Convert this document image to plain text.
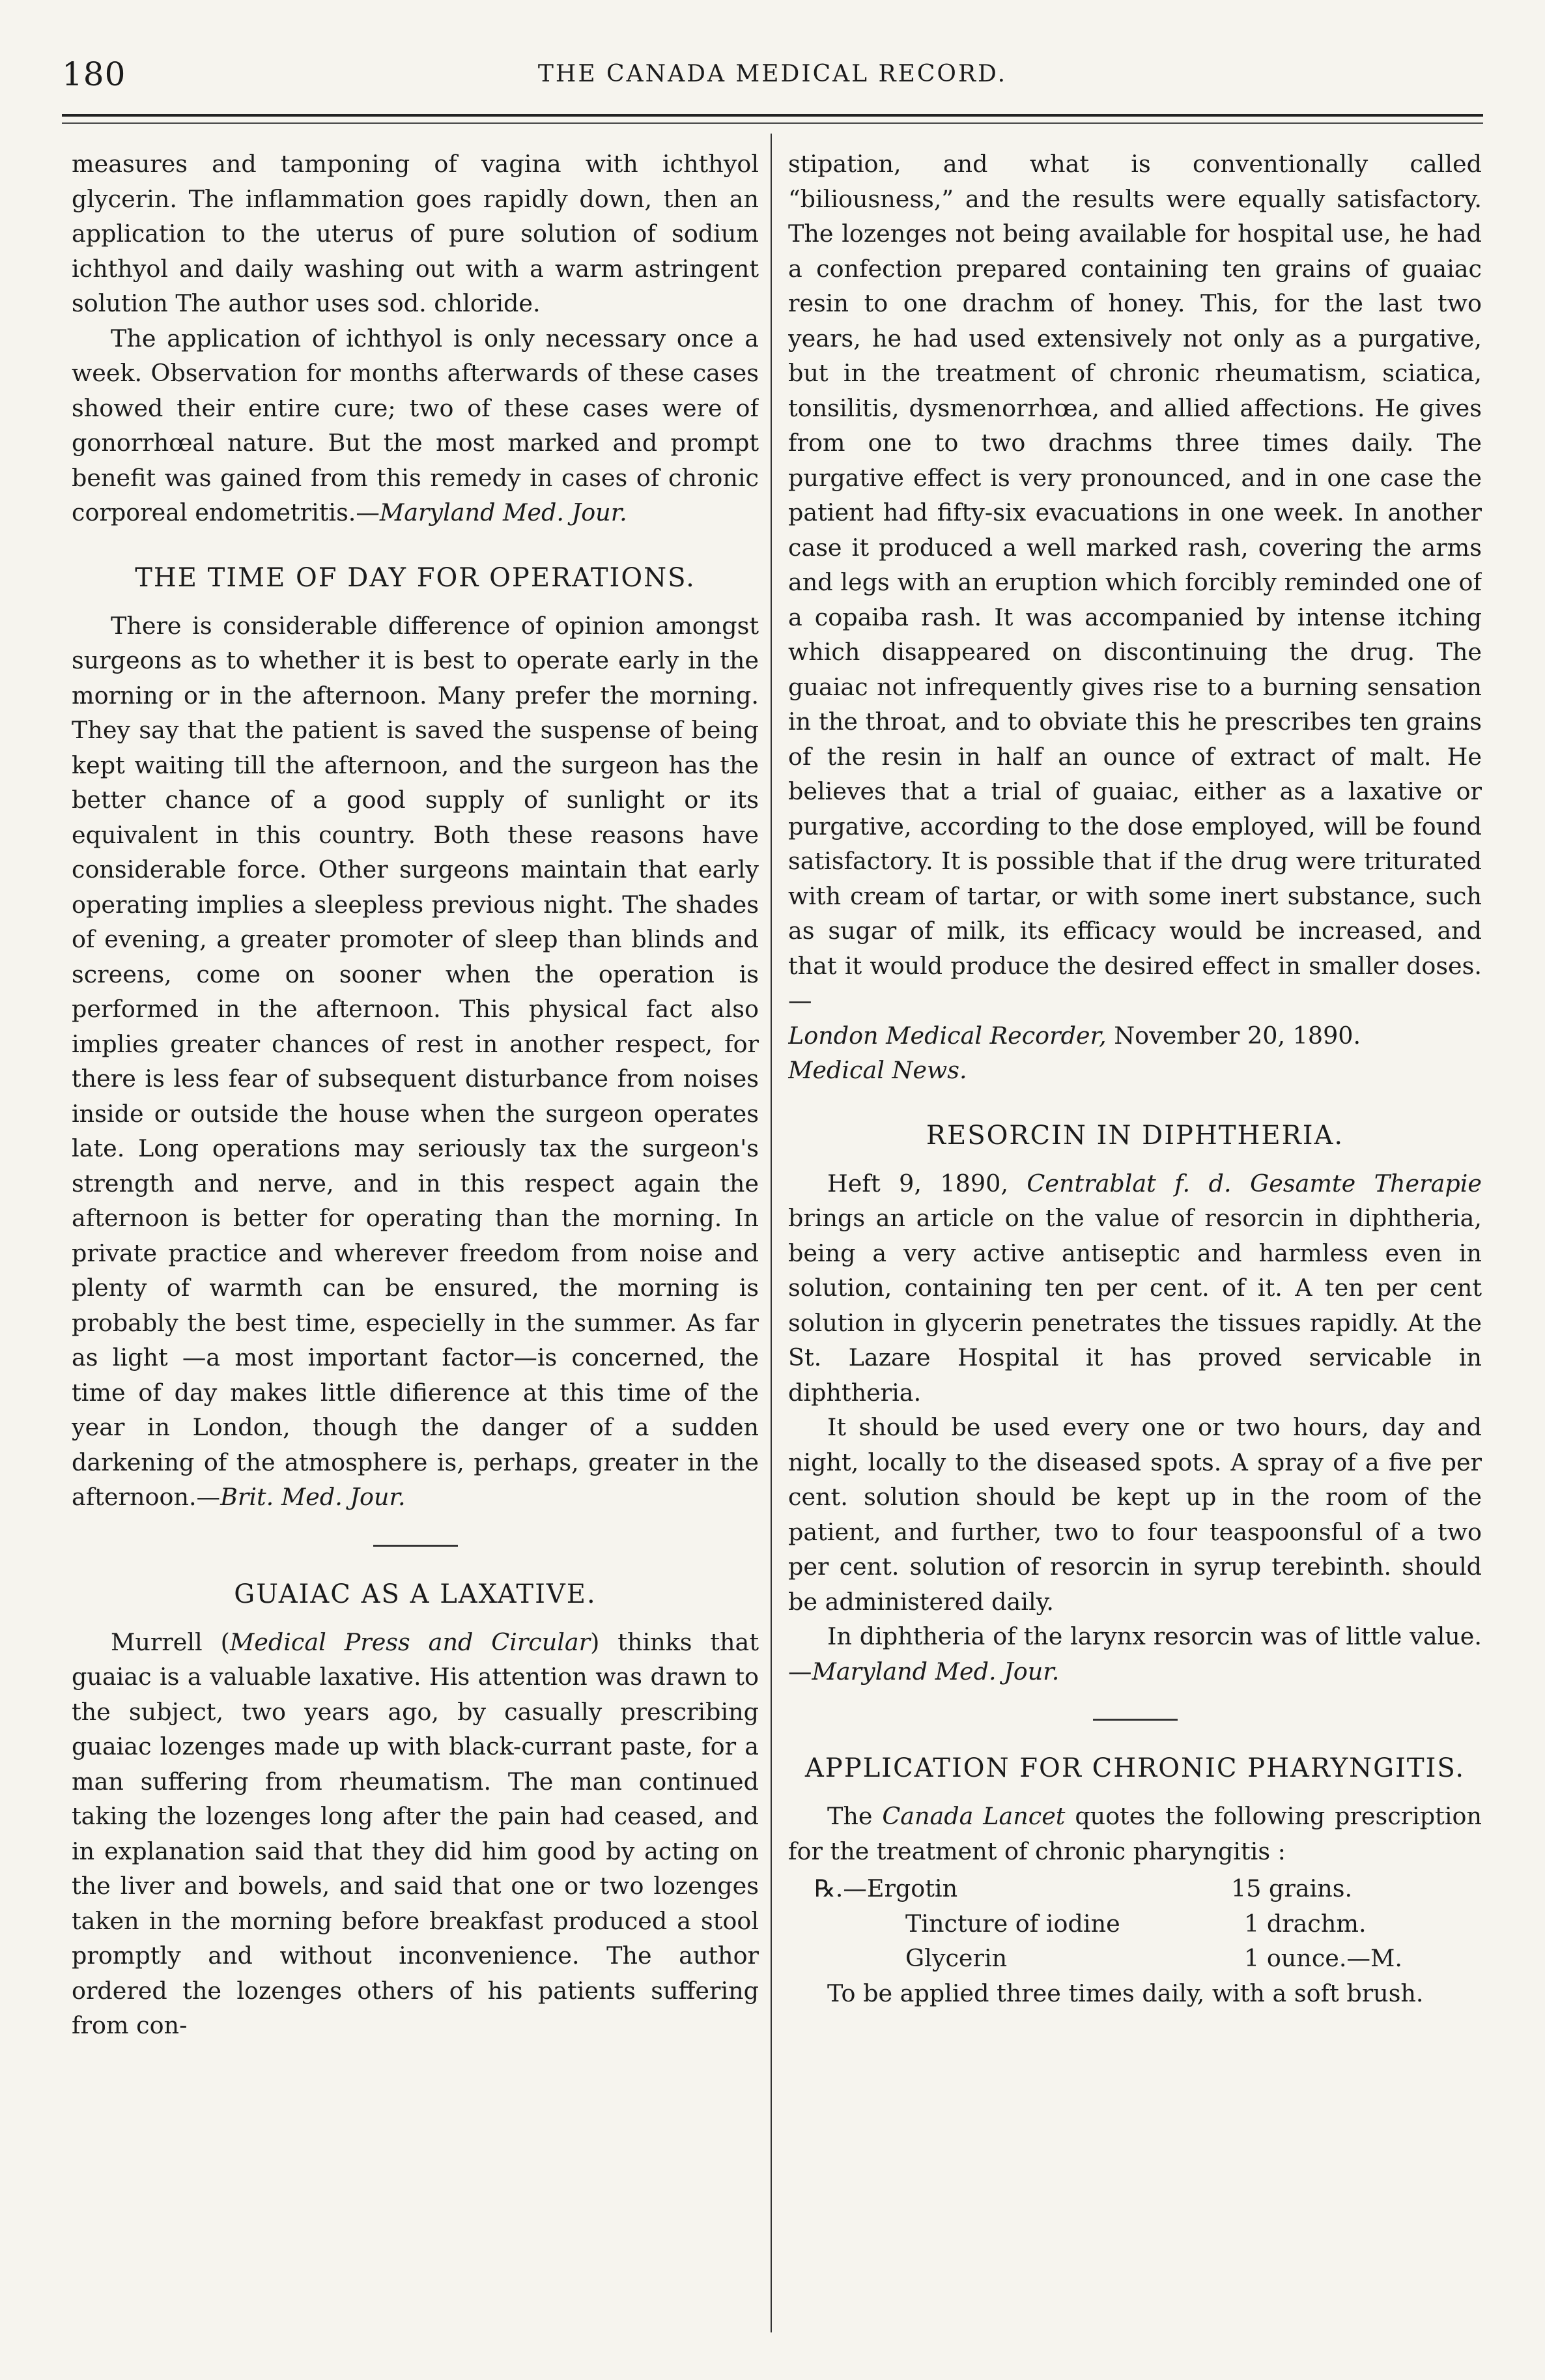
180	THE CANADA MEDICAL RECORD.

measures and tamponing of vagina with ichthyol glycerin. The inflammation goes rapidly down, then an application to the uterus of pure solution of sodium ichthyol and daily washing out with a warm astringent solution The author uses sod. chloride.

The application of ichthyol is only necessary once a week. Observation for months afterwards of these cases showed their entire cure; two of these cases were of gonorrhœal nature. But the most marked and prompt benefit was gained from this remedy in cases of chronic corporeal endometritis.—Maryland Med. Jour.

THE TIME OF DAY FOR OPERATIONS.

There is considerable difference of opinion amongst surgeons as to whether it is best to operate early in the morning or in the afternoon. Many prefer the morning. They say that the patient is saved the suspense of being kept waiting till the afternoon, and the surgeon has the better chance of a good supply of sunlight or its equivalent in this country. Both these reasons have considerable force. Other surgeons maintain that early operating implies a sleepless previous night. The shades of evening, a greater promoter of sleep than blinds and screens, come on sooner when the operation is performed in the afternoon. This physical fact also implies greater chances of rest in another respect, for there is less fear of subsequent disturbance from noises inside or outside the house when the surgeon operates late. Long operations may seriously tax the surgeon's strength and nerve, and in this respect again the afternoon is better for operating than the morning. In private practice and wherever freedom from noise and plenty of warmth can be ensured, the morning is probably the best time, especielly in the summer. As far as light —a most important factor—is concerned, the time of day makes little difierence at this time of the year in London, though the danger of a sudden darkening of the atmosphere is, perhaps, greater in the afternoon.—Brit. Med. Jour.

GUAIAC AS A LAXATIVE.

Murrell (Medical Press and Circular) thinks that guaiac is a valuable laxative. His attention was drawn to the subject, two years ago, by casually prescribing guaiac lozenges made up with black-currant paste, for a man suffering from rheumatism. The man continued taking the lozenges long after the pain had ceased, and in explanation said that they did him good by acting on the liver and bowels, and said that one or two lozenges taken in the morning before breakfast produced a stool promptly and without inconvenience. The author ordered the lozenges others of his patients suffering from con-

stipation, and what is conventionally called “biliousness,” and the results were equally satisfactory. The lozenges not being available for hospital use, he had a confection prepared containing ten grains of guaiac resin to one drachm of honey. This, for the last two years, he had used extensively not only as a purgative, but in the treatment of chronic rheumatism, sciatica, tonsilitis, dysmenorrhœa, and allied affections. He gives from one to two drachms three times daily. The purgative effect is very pronounced, and in one case the patient had fifty-six evacuations in one week. In another case it produced a well marked rash, covering the arms and legs with an eruption which forcibly reminded one of a copaiba rash. It was accompanied by intense itching which disappeared on discontinuing the drug. The guaiac not infrequently gives rise to a burning sensation in the throat, and to obviate this he prescribes ten grains of the resin in half an ounce of extract of malt. He believes that a trial of guaiac, either as a laxative or purgative, according to the dose employed, will be found satisfactory. It is possible that if the drug were triturated with cream of tartar, or with some inert substance, such as sugar of milk, its efficacy would be increased, and that it would produce the desired effect in smaller doses.—
London Medical Recorder, November 20, 1890.
Medical News.

RESORCIN IN DIPHTHERIA.

Heft 9, 1890, Centrablat f. d. Gesamte Therapie brings an article on the value of resorcin in diphtheria, being a very active antiseptic and harmless even in solution, containing ten per cent. of it. A ten per cent solution in glycerin penetrates the tissues rapidly. At the St. Lazare Hospital it has proved servicable in diphtheria.

It should be used every one or two hours, day and night, locally to the diseased spots. A spray of a five per cent. solution should be kept up in the room of the patient, and further, two to four teaspoonsful of a two per cent. solution of resorcin in syrup terebinth. should be administered daily.

In diphtheria of the larynx resorcin was of little value.—Maryland Med. Jour.

APPLICATION FOR CHRONIC PHARYNGITIS.

The Canada Lancet quotes the following prescription for the treatment of chronic pharyngitis :

℞.—Ergotin	15 grains.
Tincture of iodine	1 drachm.
Glycerin	1 ounce.—M.

To be applied three times daily, with a soft brush.
